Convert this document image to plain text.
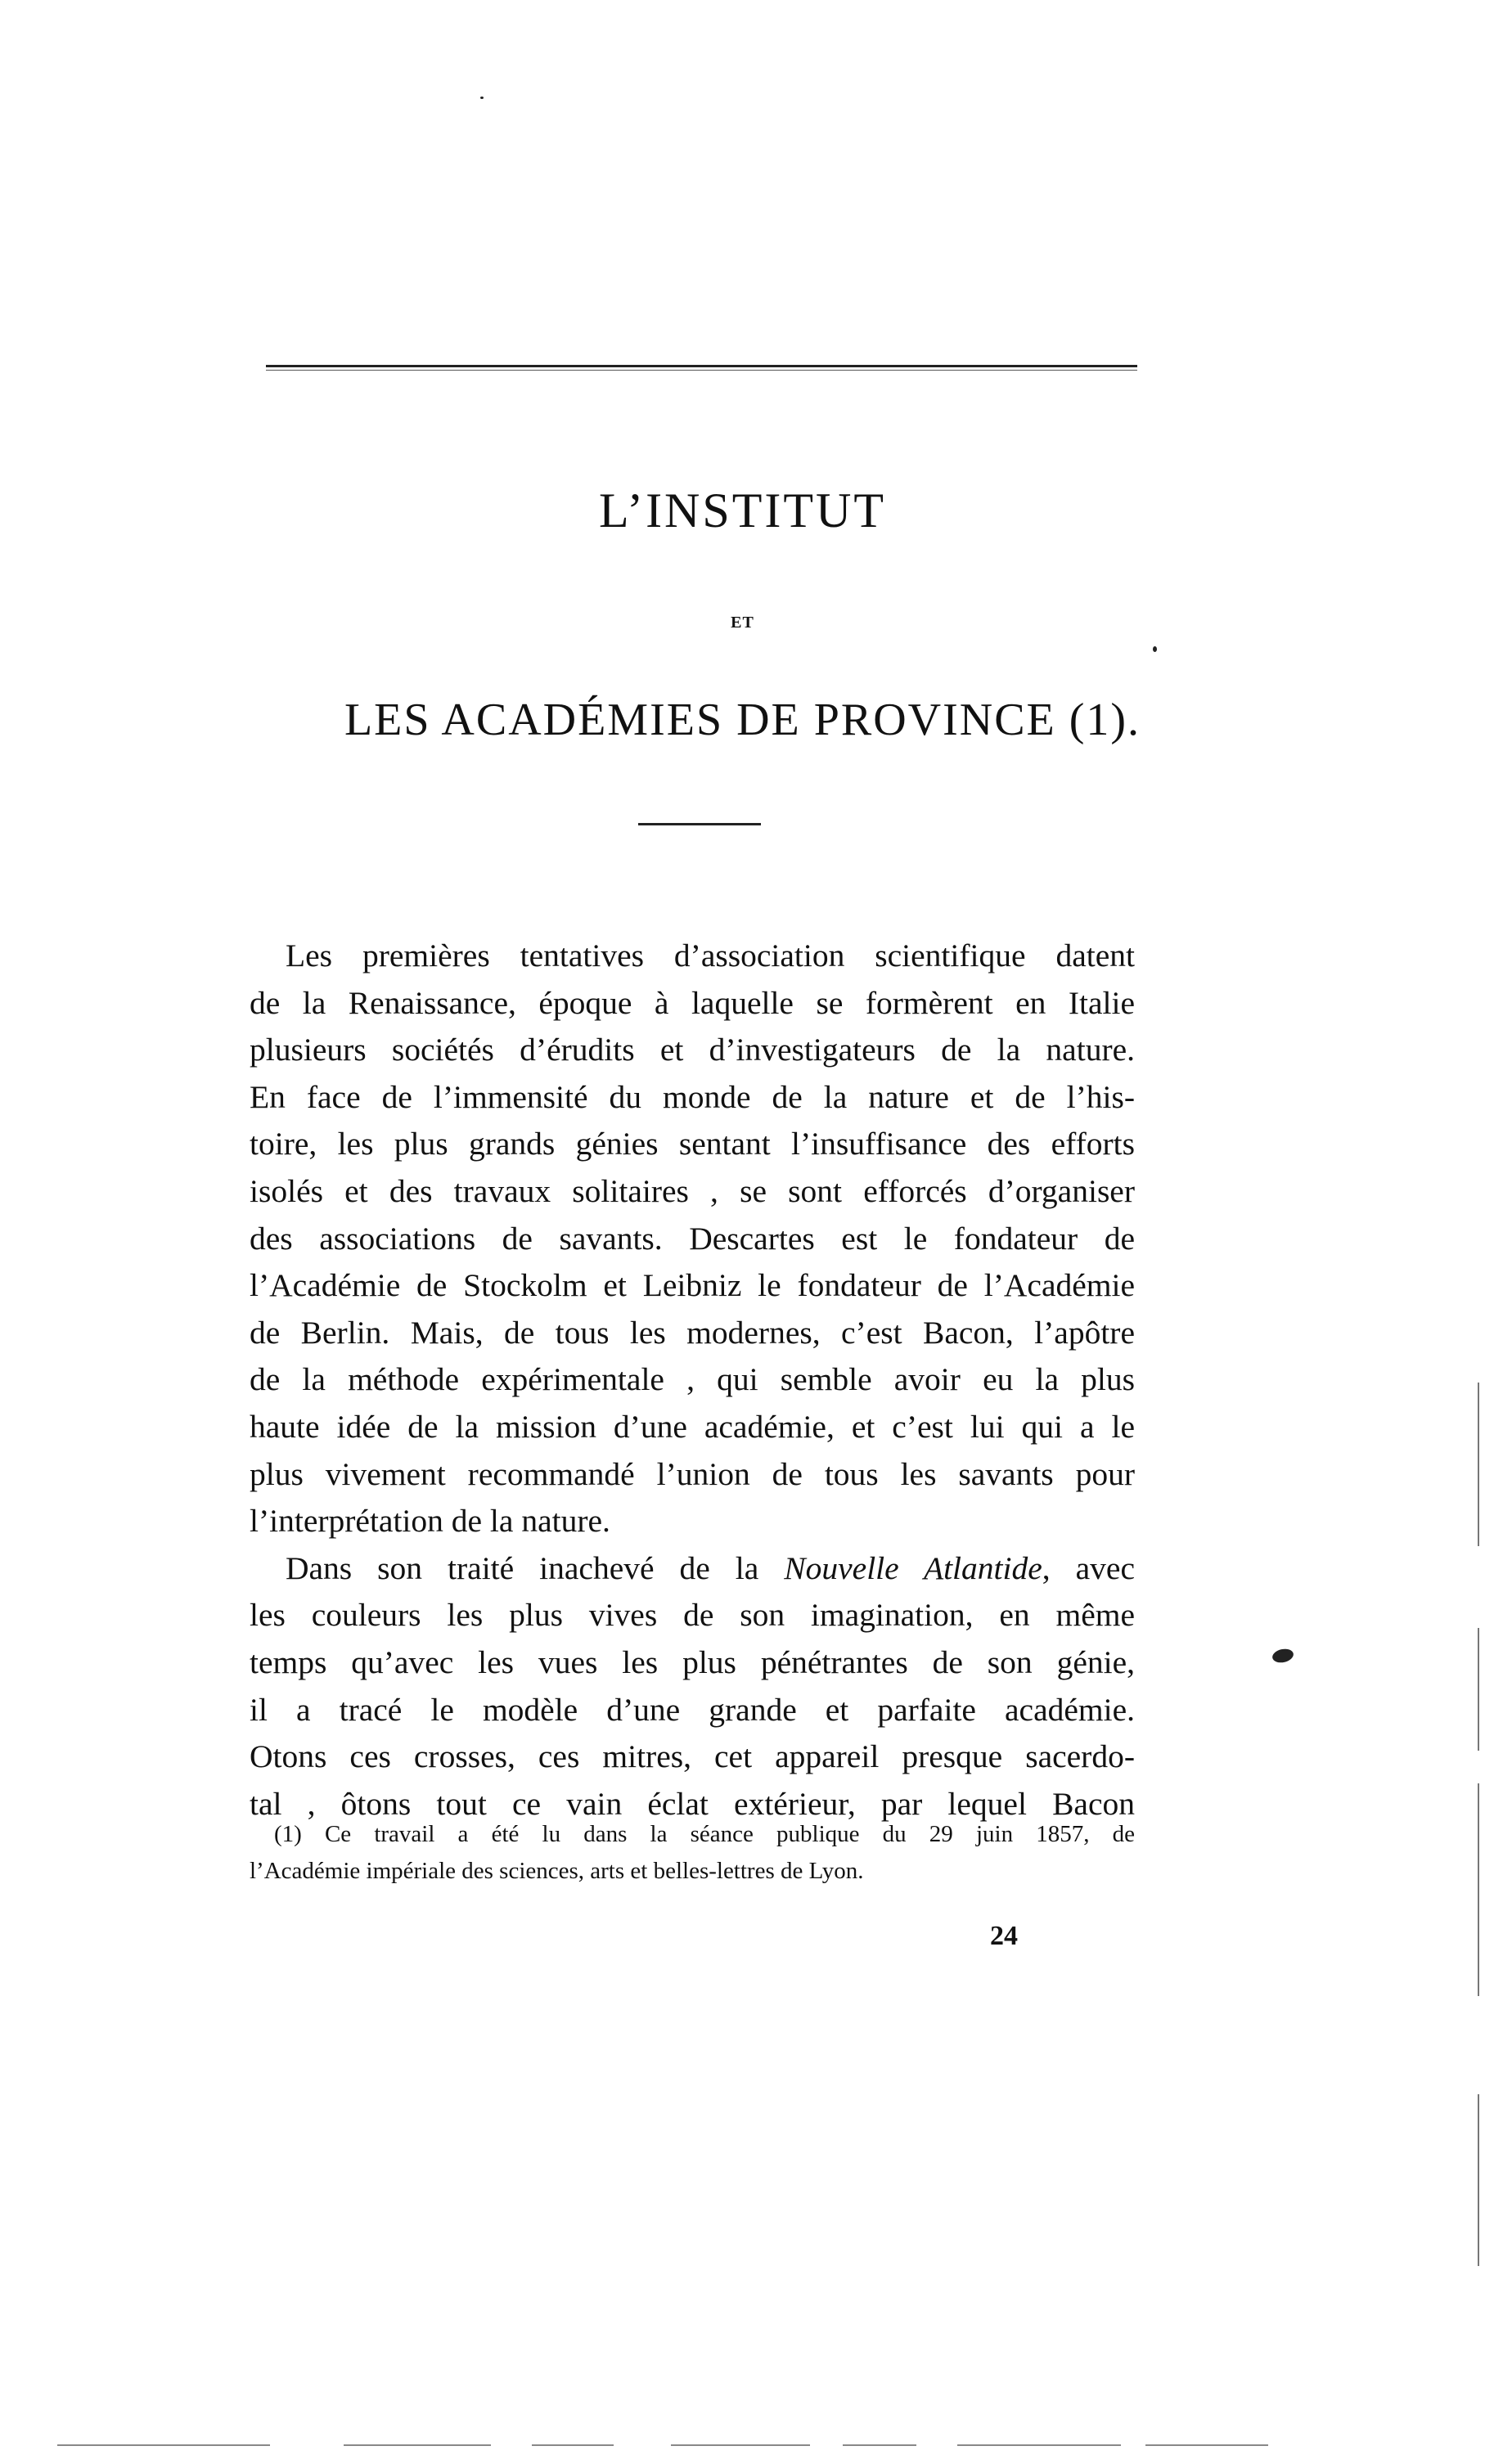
L’INSTITUT
ET
LES ACADÉMIES DE PROVINCE (1).
Les premières tentatives d’association scientifique datent
de la Renaissance, époque à laquelle se formèrent en Italie
plusieurs sociétés d’érudits et d’investigateurs de la nature.
En face de l’immensité du monde de la nature et de l’his-
toire, les plus grands génies sentant l’insuffisance des efforts
isolés et des travaux solitaires , se sont efforcés d’organiser
des associations de savants. Descartes est le fondateur de
l’Académie de Stockolm et Leibniz le fondateur de l’Académie
de Berlin. Mais, de tous les modernes, c’est Bacon, l’apôtre
de la méthode expérimentale , qui semble avoir eu la plus
haute idée de la mission d’une académie, et c’est lui qui a le
plus vivement recommandé l’union de tous les savants pour
l’interprétation de la nature.
Dans son traité inachevé de la Nouvelle Atlantide, avec
les couleurs les plus vives de son imagination, en même
temps qu’avec les vues les plus pénétrantes de son génie,
il a tracé le modèle d’une grande et parfaite académie.
Otons ces crosses, ces mitres, cet appareil presque sacerdo-
tal , ôtons tout ce vain éclat extérieur, par lequel Bacon
(1) Ce travail a été lu dans la séance publique du 29 juin 1857, de
l’Académie impériale des sciences, arts et belles-lettres de Lyon.
24
